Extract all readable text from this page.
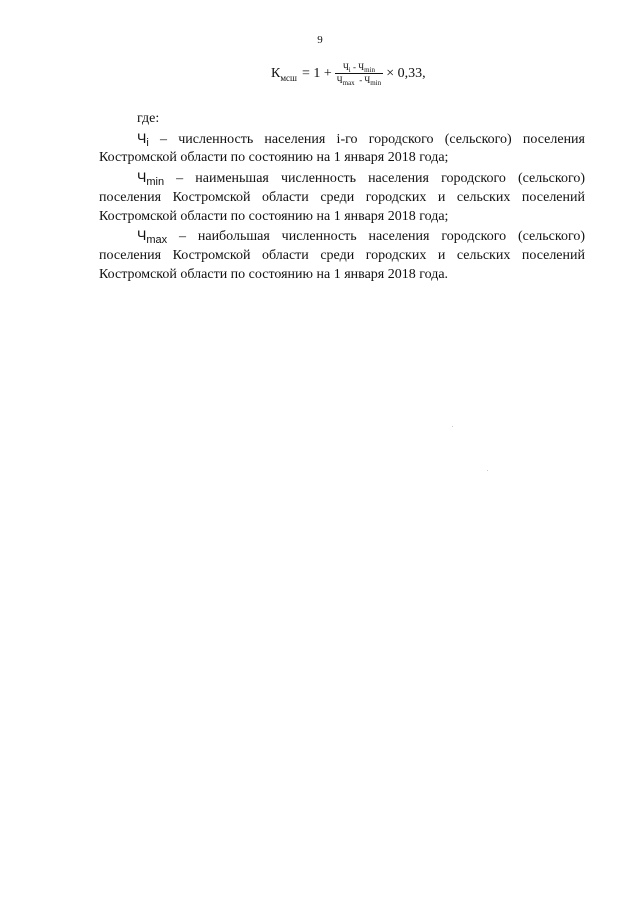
9
К мсш = $1 + \frac{Ч_i - Ч_{min}}{Ч_{max} - Ч_{min}} \times 0,33$,

где:

$Ч_i$ – численность населения i-го городского (сельского) поселения Костромской области по состоянию на 1 января 2018 года;

$Ч_{min}$ – наименьшая численность населения городского (сельского) поселения Костромской области среди городских и сельских поселений Костромской области по состоянию на 1 января 2018 года;

$Ч_{max}$ – наибольшая численность населения городского (сельского) поселения Костромской области среди городских и сельских поселений Костромской области по состоянию на 1 января 2018 года.
